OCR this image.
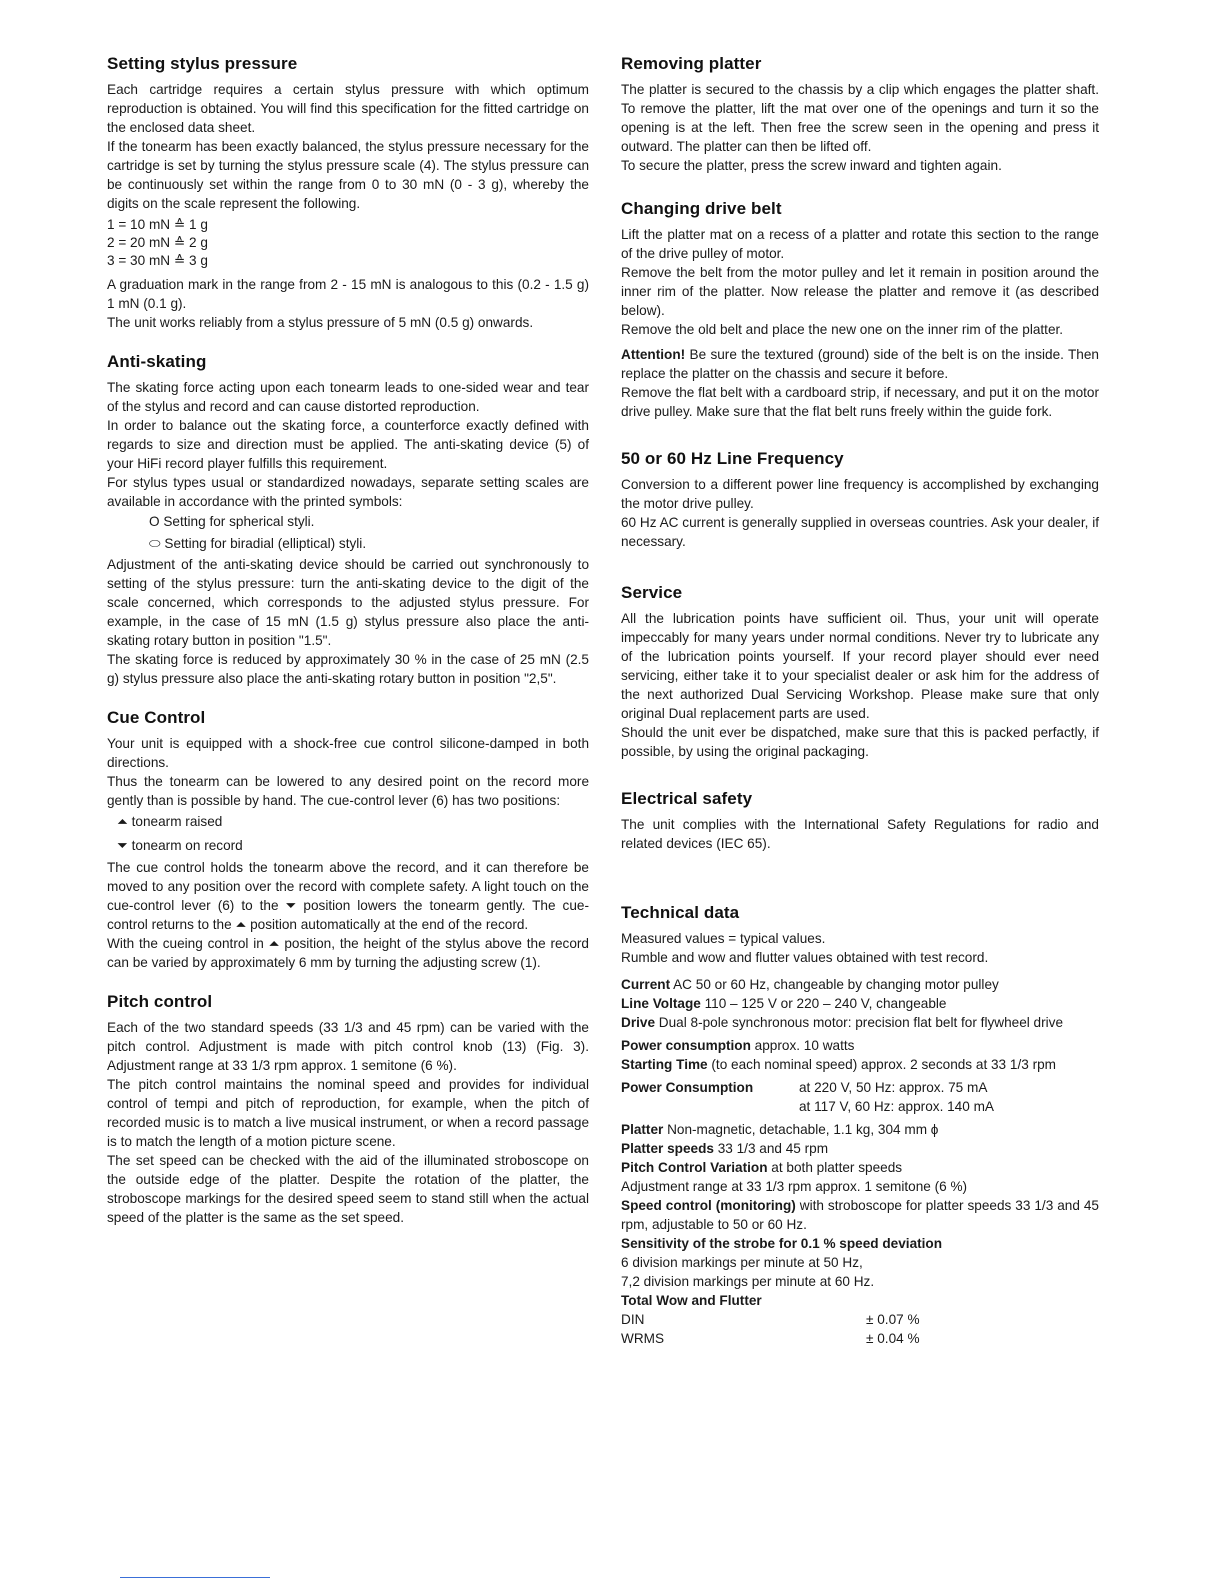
Setting stylus pressure

Each cartridge requires a certain stylus pressure with which optimum reproduction is obtained. You will find this specification for the fitted cartridge on the enclosed data sheet.

If the tonearm has been exactly balanced, the stylus pressure necessary for the cartridge is set by turning the stylus pressure scale (4). The stylus pressure can be continuously set within the range from 0 to 30 mN (0 - 3 g), whereby the digits on the scale represent the following.

1 = 10 mN ≙ 1 g
2 = 20 mN ≙ 2 g
3 = 30 mN ≙ 3 g

A graduation mark in the range from 2 - 15 mN is analogous to this (0.2 - 1.5 g) 1 mN (0.1 g).

The unit works reliably from a stylus pressure of 5 mN (0.5 g) onwards.

Anti-skating

The skating force acting upon each tonearm leads to one-sided wear and tear of the stylus and record and can cause distorted reproduction.

In order to balance out the skating force, a counterforce exactly defined with regards to size and direction must be applied. The anti-skating device (5) of your HiFi record player fulfills this requirement.

For stylus types usual or standardized nowadays, separate setting scales are available in accordance with the printed symbols:

O Setting for spherical styli.
⬭ Setting for biradial (elliptical) styli.

Adjustment of the anti-skating device should be carried out synchronously to setting of the stylus pressure: turn the anti-skating device to the digit of the scale concerned, which corresponds to the adjusted stylus pressure. For example, in the case of 15 mN (1.5 g) stylus pressure also place the anti-skating rotary button in position "1.5".

The skating force is reduced by approximately 30 % in the case of 25 mN (2.5 g) stylus pressure also place the anti-skating rotary button in position "2,5".

Cue Control

Your unit is equipped with a shock-free cue control silicone-damped in both directions.

Thus the tonearm can be lowered to any desired point on the record more gently than is possible by hand. The cue-control lever (6) has two positions:

⏶ tonearm raised
⏷ tonearm on record

The cue control holds the tonearm above the record, and it can therefore be moved to any position over the record with complete safety. A light touch on the cue-control lever (6) to the ⏷ position lowers the tonearm gently. The cue-control returns to the ⏶ position automatically at the end of the record.

With the cueing control in ⏶ position, the height of the stylus above the record can be varied by approximately 6 mm by turning the adjusting screw (1).

Pitch control

Each of the two standard speeds (33 1/3 and 45 rpm) can be varied with the pitch control. Adjustment is made with pitch control knob (13) (Fig. 3). Adjustment range at 33 1/3 rpm approx. 1 semitone (6 %).

The pitch control maintains the nominal speed and provides for individual control of tempi and pitch of reproduction, for example, when the pitch of recorded music is to match a live musical instrument, or when a record passage is to match the length of a motion picture scene.

The set speed can be checked with the aid of the illuminated stroboscope on the outside edge of the platter. Despite the rotation of the platter, the stroboscope markings for the desired speed seem to stand still when the actual speed of the platter is the same as the set speed.

Removing platter

The platter is secured to the chassis by a clip which engages the platter shaft. To remove the platter, lift the mat over one of the openings and turn it so the opening is at the left. Then free the screw seen in the opening and press it outward. The platter can then be lifted off.

To secure the platter, press the screw inward and tighten again.

Changing drive belt

Lift the platter mat on a recess of a platter and rotate this section to the range of the drive pulley of motor.

Remove the belt from the motor pulley and let it remain in position around the inner rim of the platter. Now release the platter and remove it (as described below).

Remove the old belt and place the new one on the inner rim of the platter.

Attention! Be sure the textured (ground) side of the belt is on the inside. Then replace the platter on the chassis and secure it before.

Remove the flat belt with a cardboard strip, if necessary, and put it on the motor drive pulley. Make sure that the flat belt runs freely within the guide fork.

50 or 60 Hz Line Frequency

Conversion to a different power line frequency is accomplished by exchanging the motor drive pulley.

60 Hz AC current is generally supplied in overseas countries. Ask your dealer, if necessary.

Service

All the lubrication points have sufficient oil. Thus, your unit will operate impeccably for many years under normal conditions. Never try to lubricate any of the lubrication points yourself. If your record player should ever need servicing, either take it to your specialist dealer or ask him for the address of the next authorized Dual Servicing Workshop. Please make sure that only original Dual replacement parts are used.

Should the unit ever be dispatched, make sure that this is packed perfactly, if possible, by using the original packaging.

Electrical safety

The unit complies with the International Safety Regulations for radio and related devices (IEC 65).

Technical data

Measured values = typical values.

Rumble and wow and flutter values obtained with test record.

Current AC 50 or 60 Hz, changeable by changing motor pulley

Line Voltage 110 – 125 V or 220 – 240 V, changeable

Drive Dual 8-pole synchronous motor: precision flat belt for flywheel drive

Power consumption approx. 10 watts

Starting Time (to each nominal speed) approx. 2 seconds at 33 1/3 rpm

Power Consumption	at 220 V, 50 Hz: approx. 75 mA
at 117 V, 60 Hz: approx. 140 mA

Platter Non-magnetic, detachable, 1.1 kg, 304 mm ϕ

Platter speeds 33 1/3 and 45 rpm

Pitch Control Variation at both platter speeds

Adjustment range at 33 1/3 rpm approx. 1 semitone (6 %)

Speed control (monitoring) with stroboscope for platter speeds 33 1/3 and 45 rpm, adjustable to 50 or 60 Hz.

Sensitivity of the strobe for 0.1 % speed deviation

6 division markings per minute at 50 Hz,

7,2 division markings per minute at 60 Hz.

Total Wow and Flutter

DIN	± 0.07 %
WRMS	± 0.04 %
